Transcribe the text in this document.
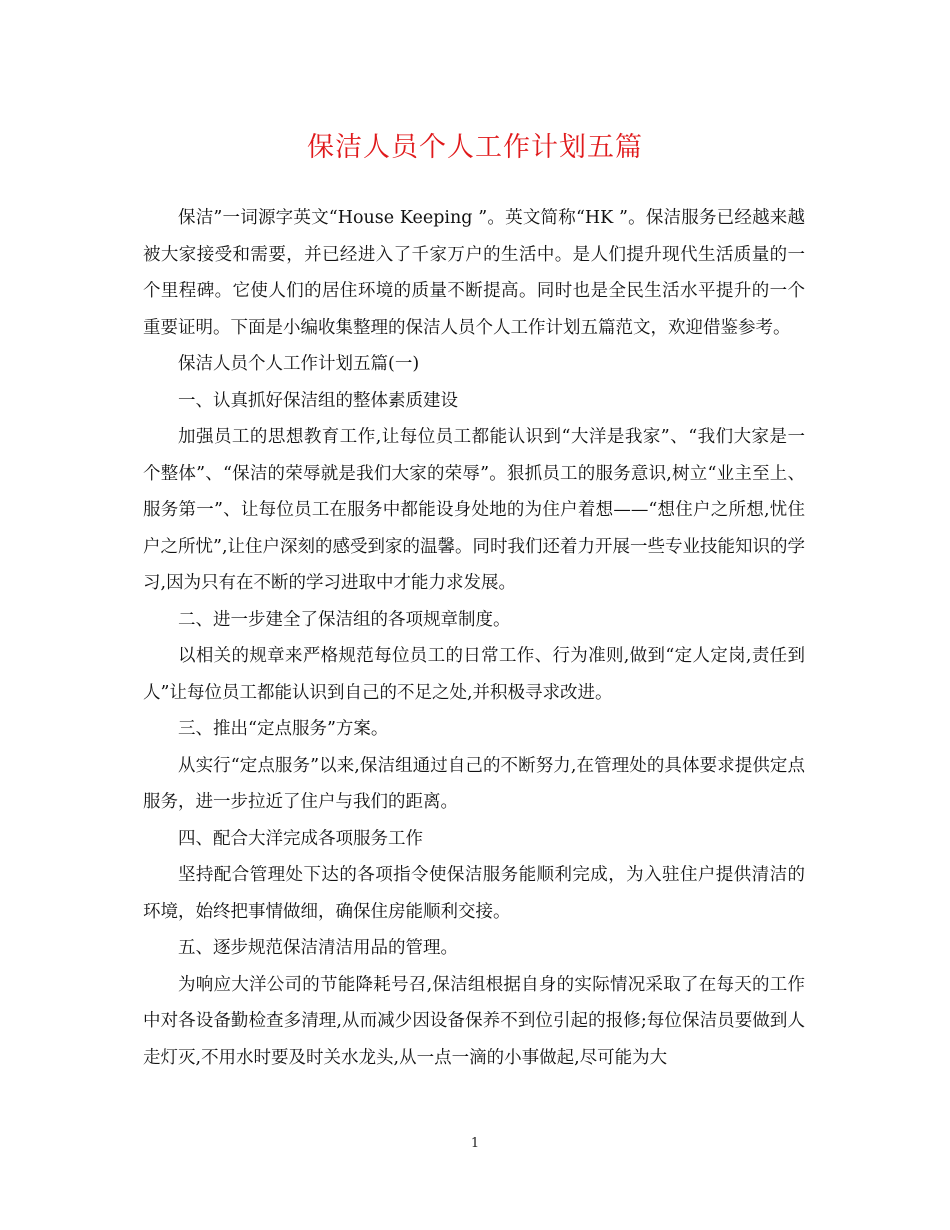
保洁人员个人工作计划五篇

保洁”一词源字英文“House Keeping ”。英文简称“HK ”。保洁服务已经越来越被大家接受和需要，并已经进入了千家万户的生活中。是人们提升现代生活质量的一个里程碑。它使人们的居住环境的质量不断提高。同时也是全民生活水平提升的一个重要证明。下面是小编收集整理的保洁人员个人工作计划五篇范文，欢迎借鉴参考。

保洁人员个人工作计划五篇(一)

一、认真抓好保洁组的整体素质建设

加强员工的思想教育工作,让每位员工都能认识到“大洋是我家”、“我们大家是一个整体”、“保洁的荣辱就是我们大家的荣辱”。狠抓员工的服务意识,树立“业主至上、服务第一”、让每位员工在服务中都能设身处地的为住户着想——“想住户之所想,忧住户之所忧”,让住户深刻的感受到家的温馨。同时我们还着力开展一些专业技能知识的学习,因为只有在不断的学习进取中才能力求发展。

二、进一步建全了保洁组的各项规章制度。

以相关的规章来严格规范每位员工的日常工作、行为准则,做到“定人定岗,责任到人”让每位员工都能认识到自己的不足之处,并积极寻求改进。

三、推出“定点服务”方案。

从实行“定点服务”以来,保洁组通过自己的不断努力,在管理处的具体要求提供定点服务，进一步拉近了住户与我们的距离。

四、配合大洋完成各项服务工作

坚持配合管理处下达的各项指令使保洁服务能顺利完成，为入驻住户提供清洁的环境，始终把事情做细，确保住房能顺利交接。

五、逐步规范保洁清洁用品的管理。

为响应大洋公司的节能降耗号召,保洁组根据自身的实际情况采取了在每天的工作中对各设备勤检查多清理,从而减少因设备保养不到位引起的报修;每位保洁员要做到人走灯灭,不用水时要及时关水龙头,从一点一滴的小事做起,尽可能为大

1
